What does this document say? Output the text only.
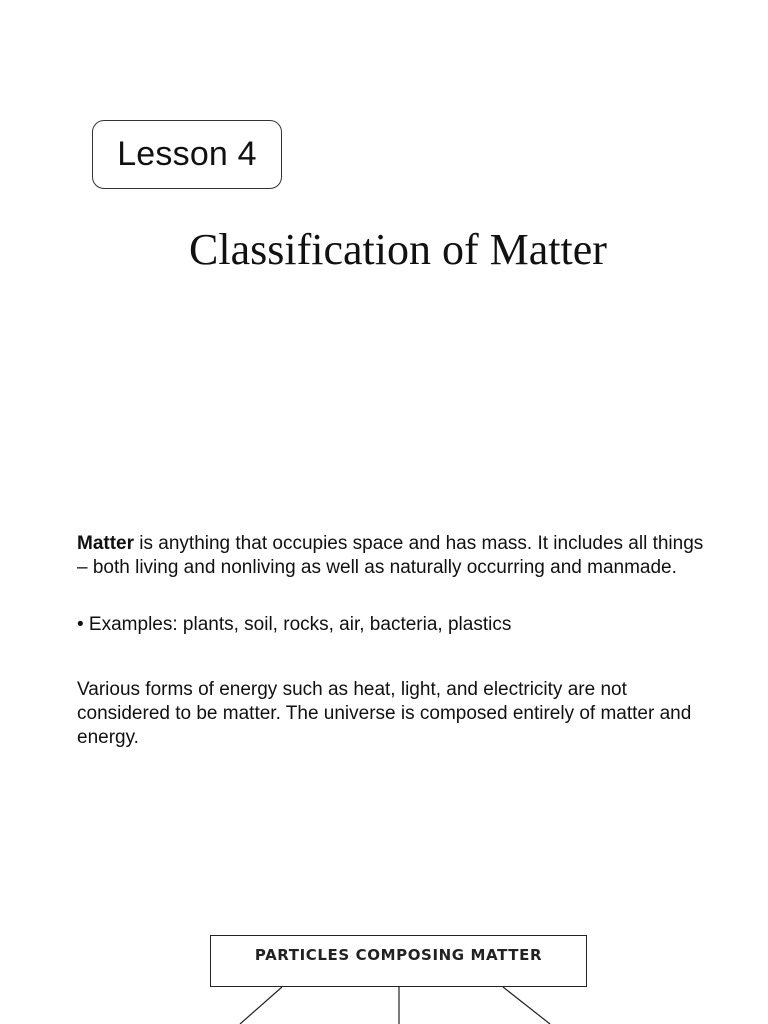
Lesson 4
Classification of Matter

Matter is anything that occupies space and has mass. It includes all things – both living and nonliving as well as naturally occurring and manmade.

• Examples: plants, soil, rocks, air, bacteria, plastics

Various forms of energy such as heat, light, and electricity are not considered to be matter. The universe is composed entirely of matter and energy.

PARTICLES COMPOSING MATTER
